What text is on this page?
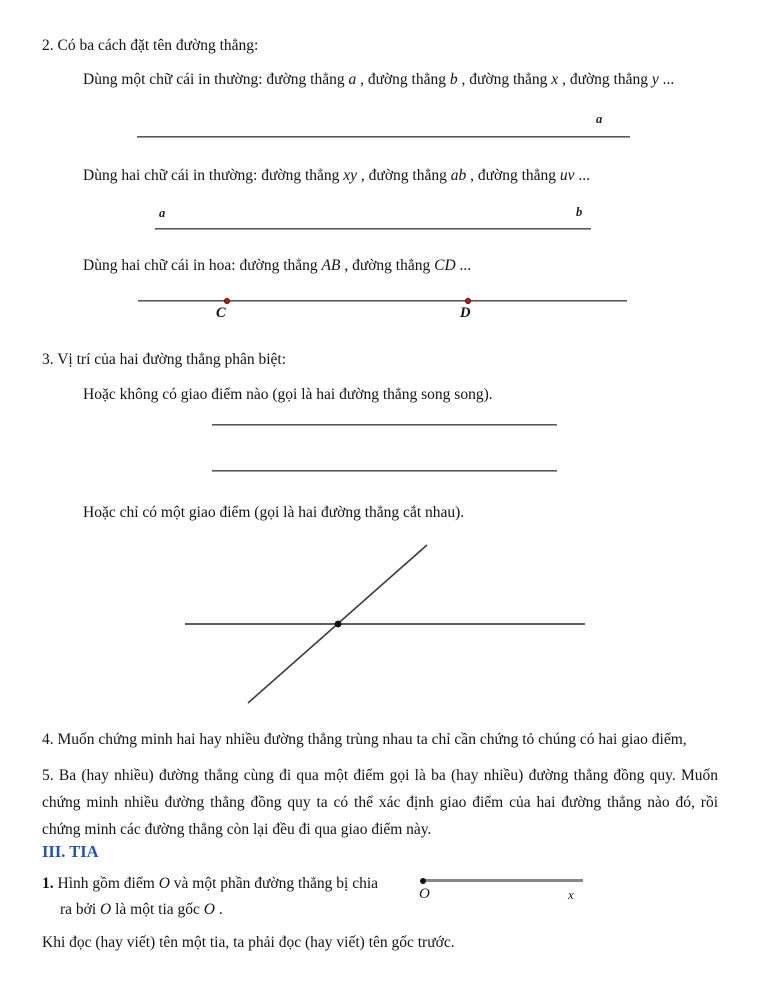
2. Có ba cách đặt tên đường thẳng:

Dùng một chữ cái in thường: đường thẳng a , đường thẳng b , đường thẳng x , đường thẳng y ...

a

Dùng hai chữ cái in thường: đường thẳng xy , đường thẳng ab , đường thẳng uv ...

a	b

Dùng hai chữ cái in hoa: đường thẳng AB , đường thẳng CD ...

C	D

3. Vị trí của hai đường thẳng phân biệt:

Hoặc không có giao điểm nào (gọi là hai đường thẳng song song).

Hoặc chỉ có một giao điểm (gọi là hai đường thẳng cắt nhau).

4. Muốn chứng minh hai hay nhiều đường thẳng trùng nhau ta chỉ cần chứng tỏ chúng có hai giao điểm,

5. Ba (hay nhiều) đường thẳng cùng đi qua một điểm gọi là ba (hay nhiều) đường thẳng đồng quy. Muốn chứng minh nhiều đường thẳng đồng quy ta có thể xác định giao điểm của hai đường thẳng nào đó, rồi chứng minh các đường thẳng còn lại đều đi qua giao điểm này.

III. TIA

1. Hình gồm điểm O và một phần đường thẳng bị chia

ra bởi O là một tia gốc O .

O	x

Khi đọc (hay viết) tên một tia, ta phải đọc (hay viết) tên gốc trước.
